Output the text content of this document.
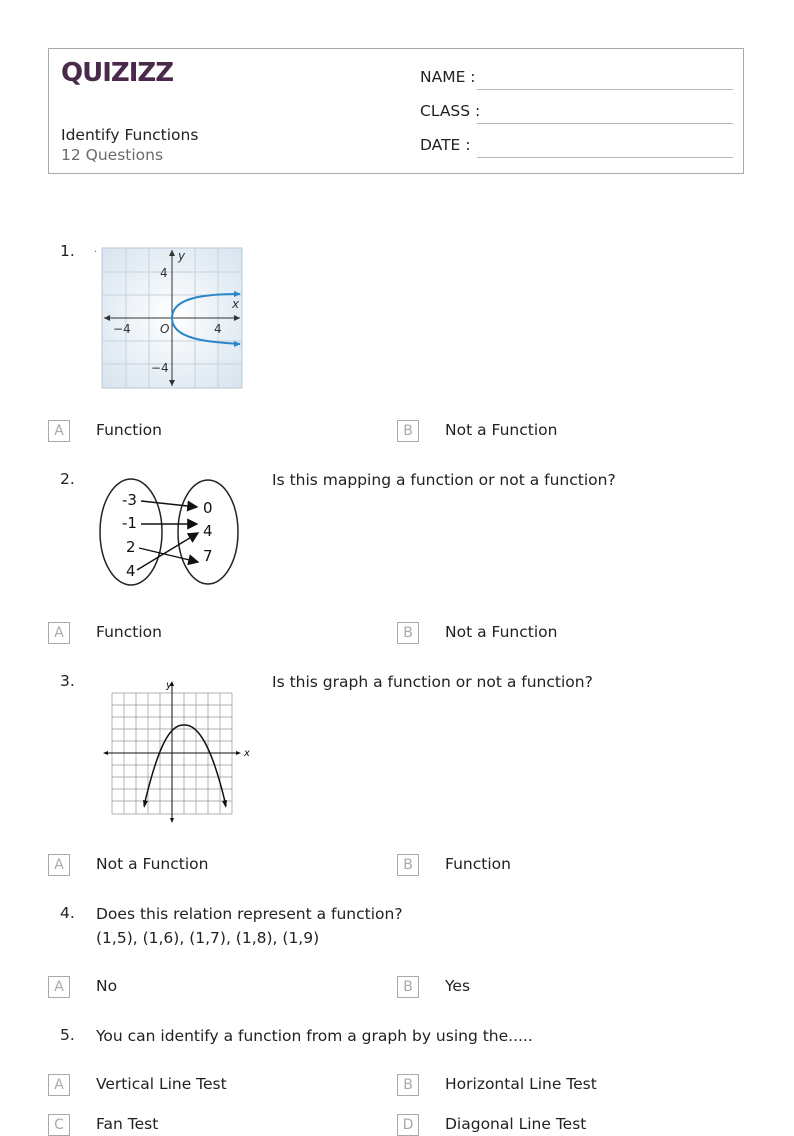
QUIZIZZ
Identify Functions
12 Questions
NAME :
CLASS :
DATE :
1. .	y
x
4
−4
−4 O	4
A	Function	B	Not a Function
2.
-3
-1
2
4
0
4
7
Is this mapping a function or not a function?
A	Function	B	Not a Function
3.	y
x
Is this graph a function or not a function?
A	Not a Function	B	Function
4. Does this relation represent a function?
(1,5), (1,6), (1,7), (1,8), (1,9)
A	No	B	Yes
5. You can identify a function from a graph by using the.....
A	Vertical Line Test	B	Horizontal Line Test
C	Fan Test	D	Diagonal Line Test
